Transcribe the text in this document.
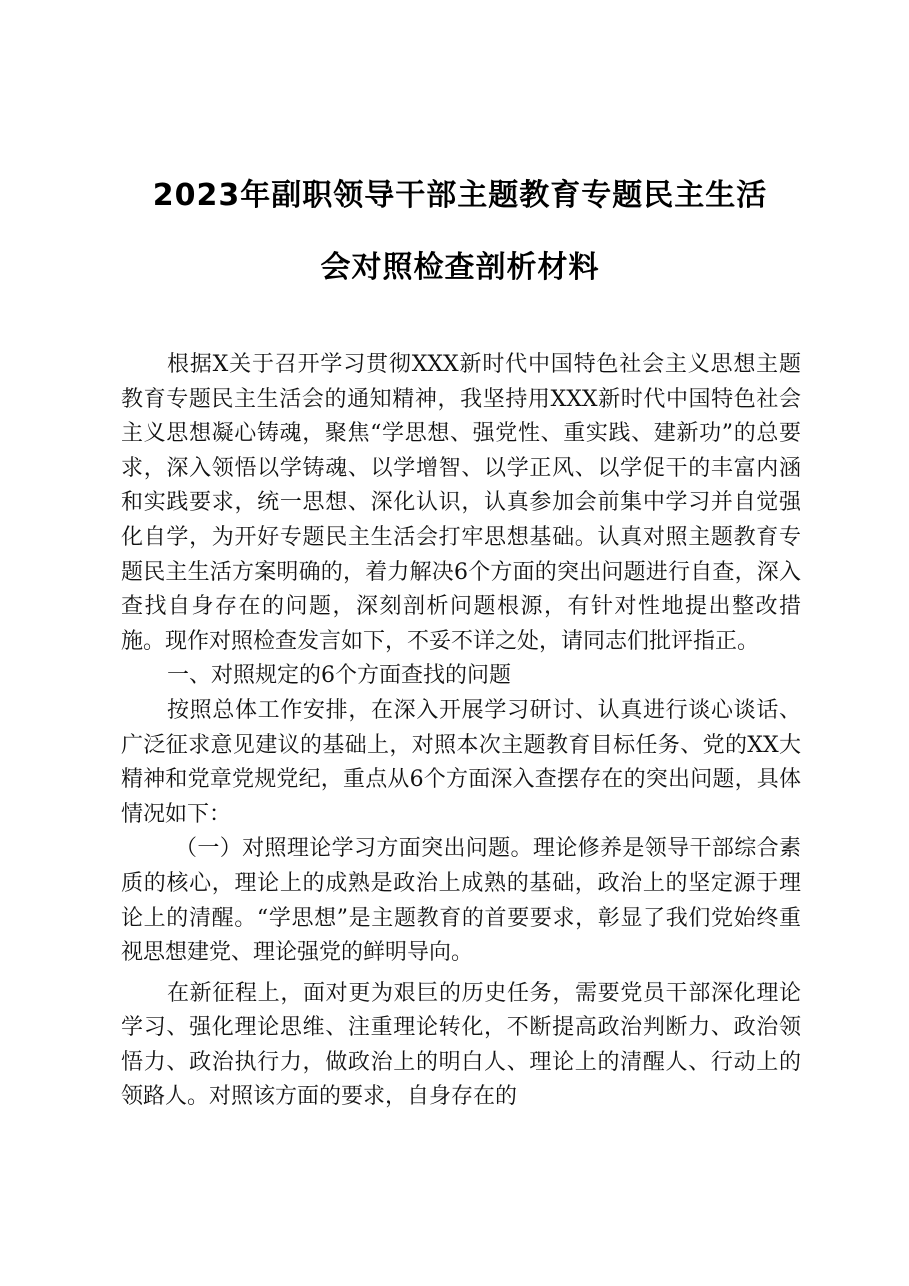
2023年副职领导干部主题教育专题民主生活
会对照检查剖析材料

根据X关于召开学习贯彻XXX新时代中国特色社会主义思想主题教育专题民主生活会的通知精神，我坚持用XXX新时代中国特色社会主义思想凝心铸魂，聚焦“学思想、强党性、重实践、建新功”的总要求，深入领悟以学铸魂、以学增智、以学正风、以学促干的丰富内涵和实践要求，统一思想、深化认识，认真参加会前集中学习并自觉强化自学，为开好专题民主生活会打牢思想基础。认真对照主题教育专题民主生活方案明确的，着力解决6个方面的突出问题进行自查，深入查找自身存在的问题，深刻剖析问题根源，有针对性地提出整改措施。现作对照检查发言如下，不妥不详之处，请同志们批评指正。

一、对照规定的6个方面查找的问题

按照总体工作安排，在深入开展学习研讨、认真进行谈心谈话、广泛征求意见建议的基础上，对照本次主题教育目标任务、党的XX大精神和党章党规党纪，重点从6个方面深入查摆存在的突出问题，具体情况如下：

（一）对照理论学习方面突出问题。理论修养是领导干部综合素质的核心，理论上的成熟是政治上成熟的基础，政治上的坚定源于理论上的清醒。“学思想”是主题教育的首要要求，彰显了我们党始终重视思想建党、理论强党的鲜明导向。

在新征程上，面对更为艰巨的历史任务，需要党员干部深化理论学习、强化理论思维、注重理论转化，不断提高政治判断力、政治领悟力、政治执行力，做政治上的明白人、理论上的清醒人、行动上的领路人。对照该方面的要求，自身存在的
